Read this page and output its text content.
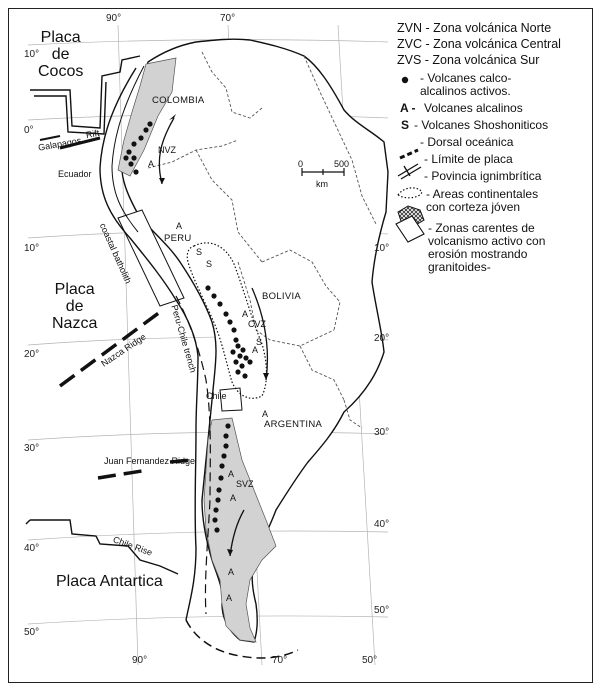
Placa
de
Cocos
Placa
de
Nazca
Placa Antartica
COLOMBIA
Ecuador
PERU
BOLIVIA
Chile
ARGENTINA
Galapagos
Rift
coastal batholith
Nazca Ridge Peru-Chile trench
Juan Fernandez Ridge
Chile Rise
NVZ
CVZ
SVZ
A
A
A
A
A
A
A
A
A
S
S
S
0	500
km
90°	70°
10°
0°
10°
20°
30°
40°
50°
10°
20°
30°
40°
50°
90°	70°	50°
ZVN - Zona volcánica Norte
ZVC - Zona volcánica Central
ZVS - Zona volcánica Sur
- Volcanes calco-
alcalinos activos.
A - Volcanes alcalinos
S - Volcanes Shoshoniticos
- Dorsal oceánica
- Límite de placa
- Povincia ignimbrítica
- Areas continentales
con corteza jóven
- Zonas carentes de
volcanismo activo con
erosión mostrando
granitoides-
